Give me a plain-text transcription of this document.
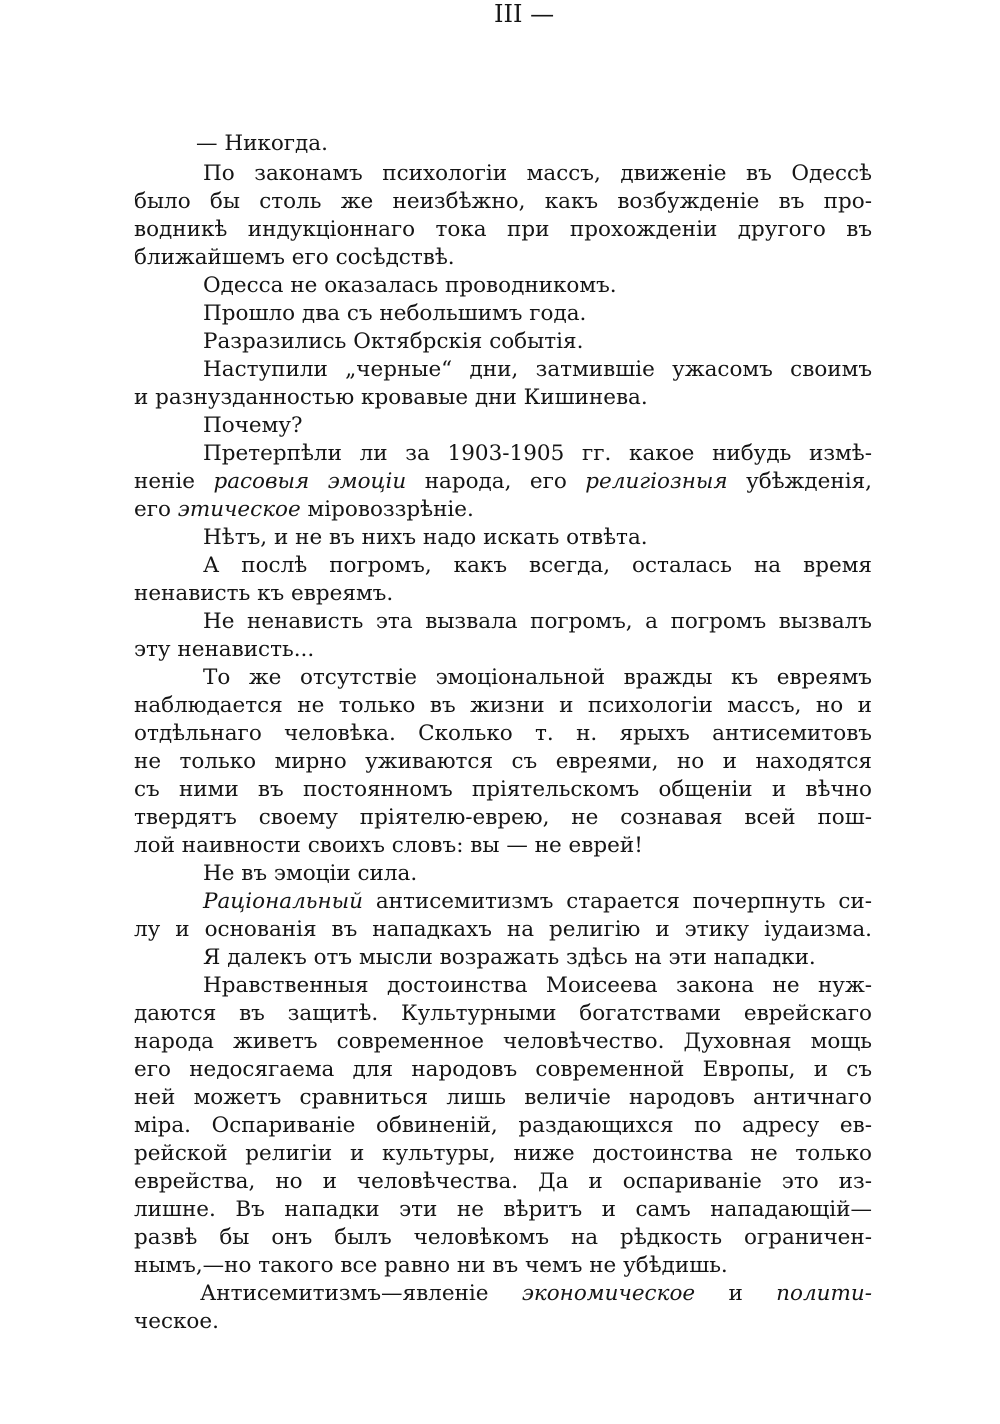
III —
— Никогда.
По законамъ психологіи массъ, движеніе въ Одессѣ
было бы столь же неизбѣжно, какъ возбужденіе въ про-
водникѣ индукціоннаго тока при прохожденіи другого въ
ближайшемъ его сосѣдствѣ.
Одесса не оказалась проводникомъ.
Прошло два съ небольшимъ года.
Разразились Октябрскія событія.
Наступили „черные“ дни, затмившіе ужасомъ своимъ
и разнузданностью кровавые дни Кишинева.
Почему?
Претерпѣли ли за 1903-1905 гг. какое нибудь измѣ-
неніе расовыя эмоціи народа, его религіозныя убѣжденія,
его этическое міровоззрѣніе.
Нѣтъ, и не въ нихъ надо искать отвѣта.
А послѣ погромъ, какъ всегда, осталась на время
ненависть къ евреямъ.
Не ненависть эта вызвала погромъ, а погромъ вызвалъ
эту ненависть...
То же отсутствіе эмоціональной вражды къ евреямъ
наблюдается не только въ жизни и психологіи массъ, но и
отдѣльнаго человѣка. Сколько т. н. ярыхъ антисемитовъ
не только мирно уживаются съ евреями, но и находятся
съ ними въ постоянномъ пріятельскомъ общеніи и вѣчно
твердятъ своему пріятелю-еврею, не сознавая всей пош-
лой наивности своихъ словъ: вы — не еврей!
Не въ эмоціи сила.
Раціональный антисемитизмъ старается почерпнуть си-
лу и основанія въ нападкахъ на религію и этику іудаизма.
Я далекъ отъ мысли возражать здѣсь на эти нападки.
Нравственныя достоинства Моисеева закона не нуж-
даются въ защитѣ. Культурными богатствами еврейскаго
народа живетъ современное человѣчество. Духовная мощь
его недосягаема для народовъ современной Европы, и съ
ней можетъ сравниться лишь величіе народовъ античнаго
міра. Оспариваніе обвиненій, раздающихся по адресу ев-
рейской религіи и культуры, ниже достоинства не только
еврейства, но и человѣчества. Да и оспариваніе это из-
лишне. Въ нападки эти не вѣритъ и самъ нападающій—
развѣ бы онъ былъ человѣкомъ на рѣдкость ограничен-
нымъ,—но такого все равно ни въ чемъ не убѣдишь.
Антисемитизмъ—явленіе экономическое и полити-
ческое.
